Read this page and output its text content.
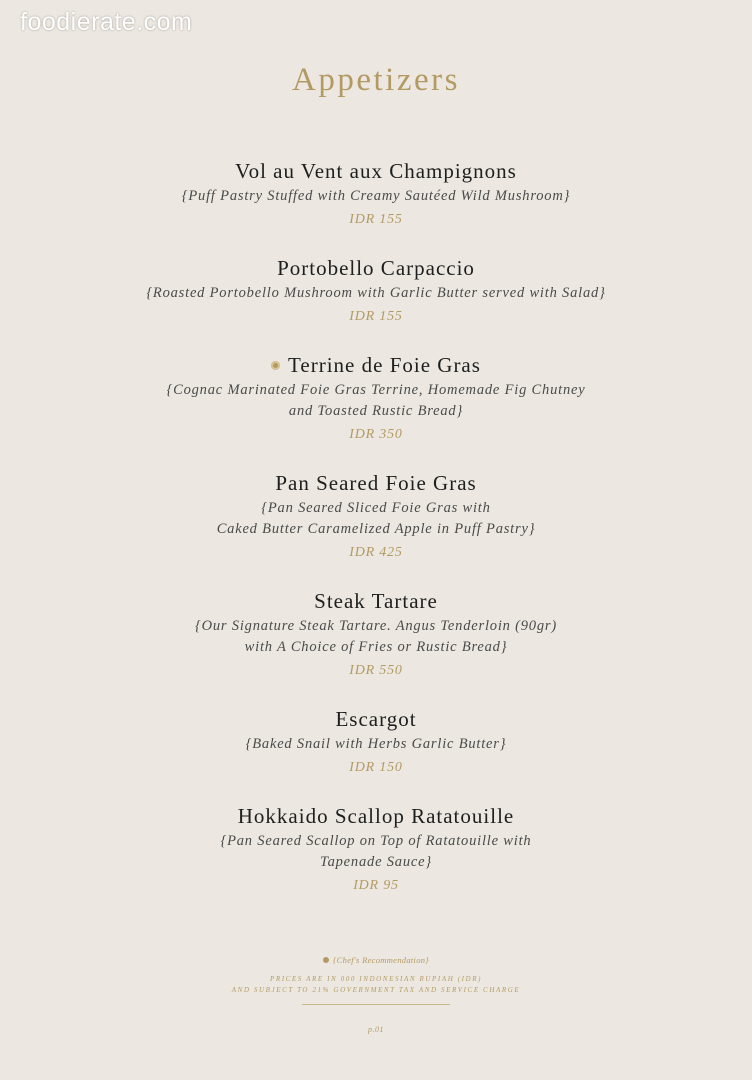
foodierate.com
Appetizers
Vol au Vent aux Champignons
{Puff Pastry Stuffed with Creamy Sautéed Wild Mushroom}
IDR 155
Portobello Carpaccio
{Roasted Portobello Mushroom with Garlic Butter served with Salad}
IDR 155
Terrine de Foie Gras
{Cognac Marinated Foie Gras Terrine, Homemade Fig Chutney
and Toasted Rustic Bread}
IDR 350
Pan Seared Foie Gras
{Pan Seared Sliced Foie Gras with
Caked Butter Caramelized Apple in Puff Pastry}
IDR 425
Steak Tartare
{Our Signature Steak Tartare. Angus Tenderloin (90gr)
with A Choice of Fries or Rustic Bread}
IDR 550
Escargot
{Baked Snail with Herbs Garlic Butter}
IDR 150
Hokkaido Scallop Ratatouille
{Pan Seared Scallop on Top of Ratatouille with
Tapenade Sauce}
IDR 95
{Chef's Recommendation}
PRICES ARE IN 000 INDONESIAN RUPIAH (IDR)
AND SUBJECT TO 21% GOVERNMENT TAX AND SERVICE CHARGE
p.01
